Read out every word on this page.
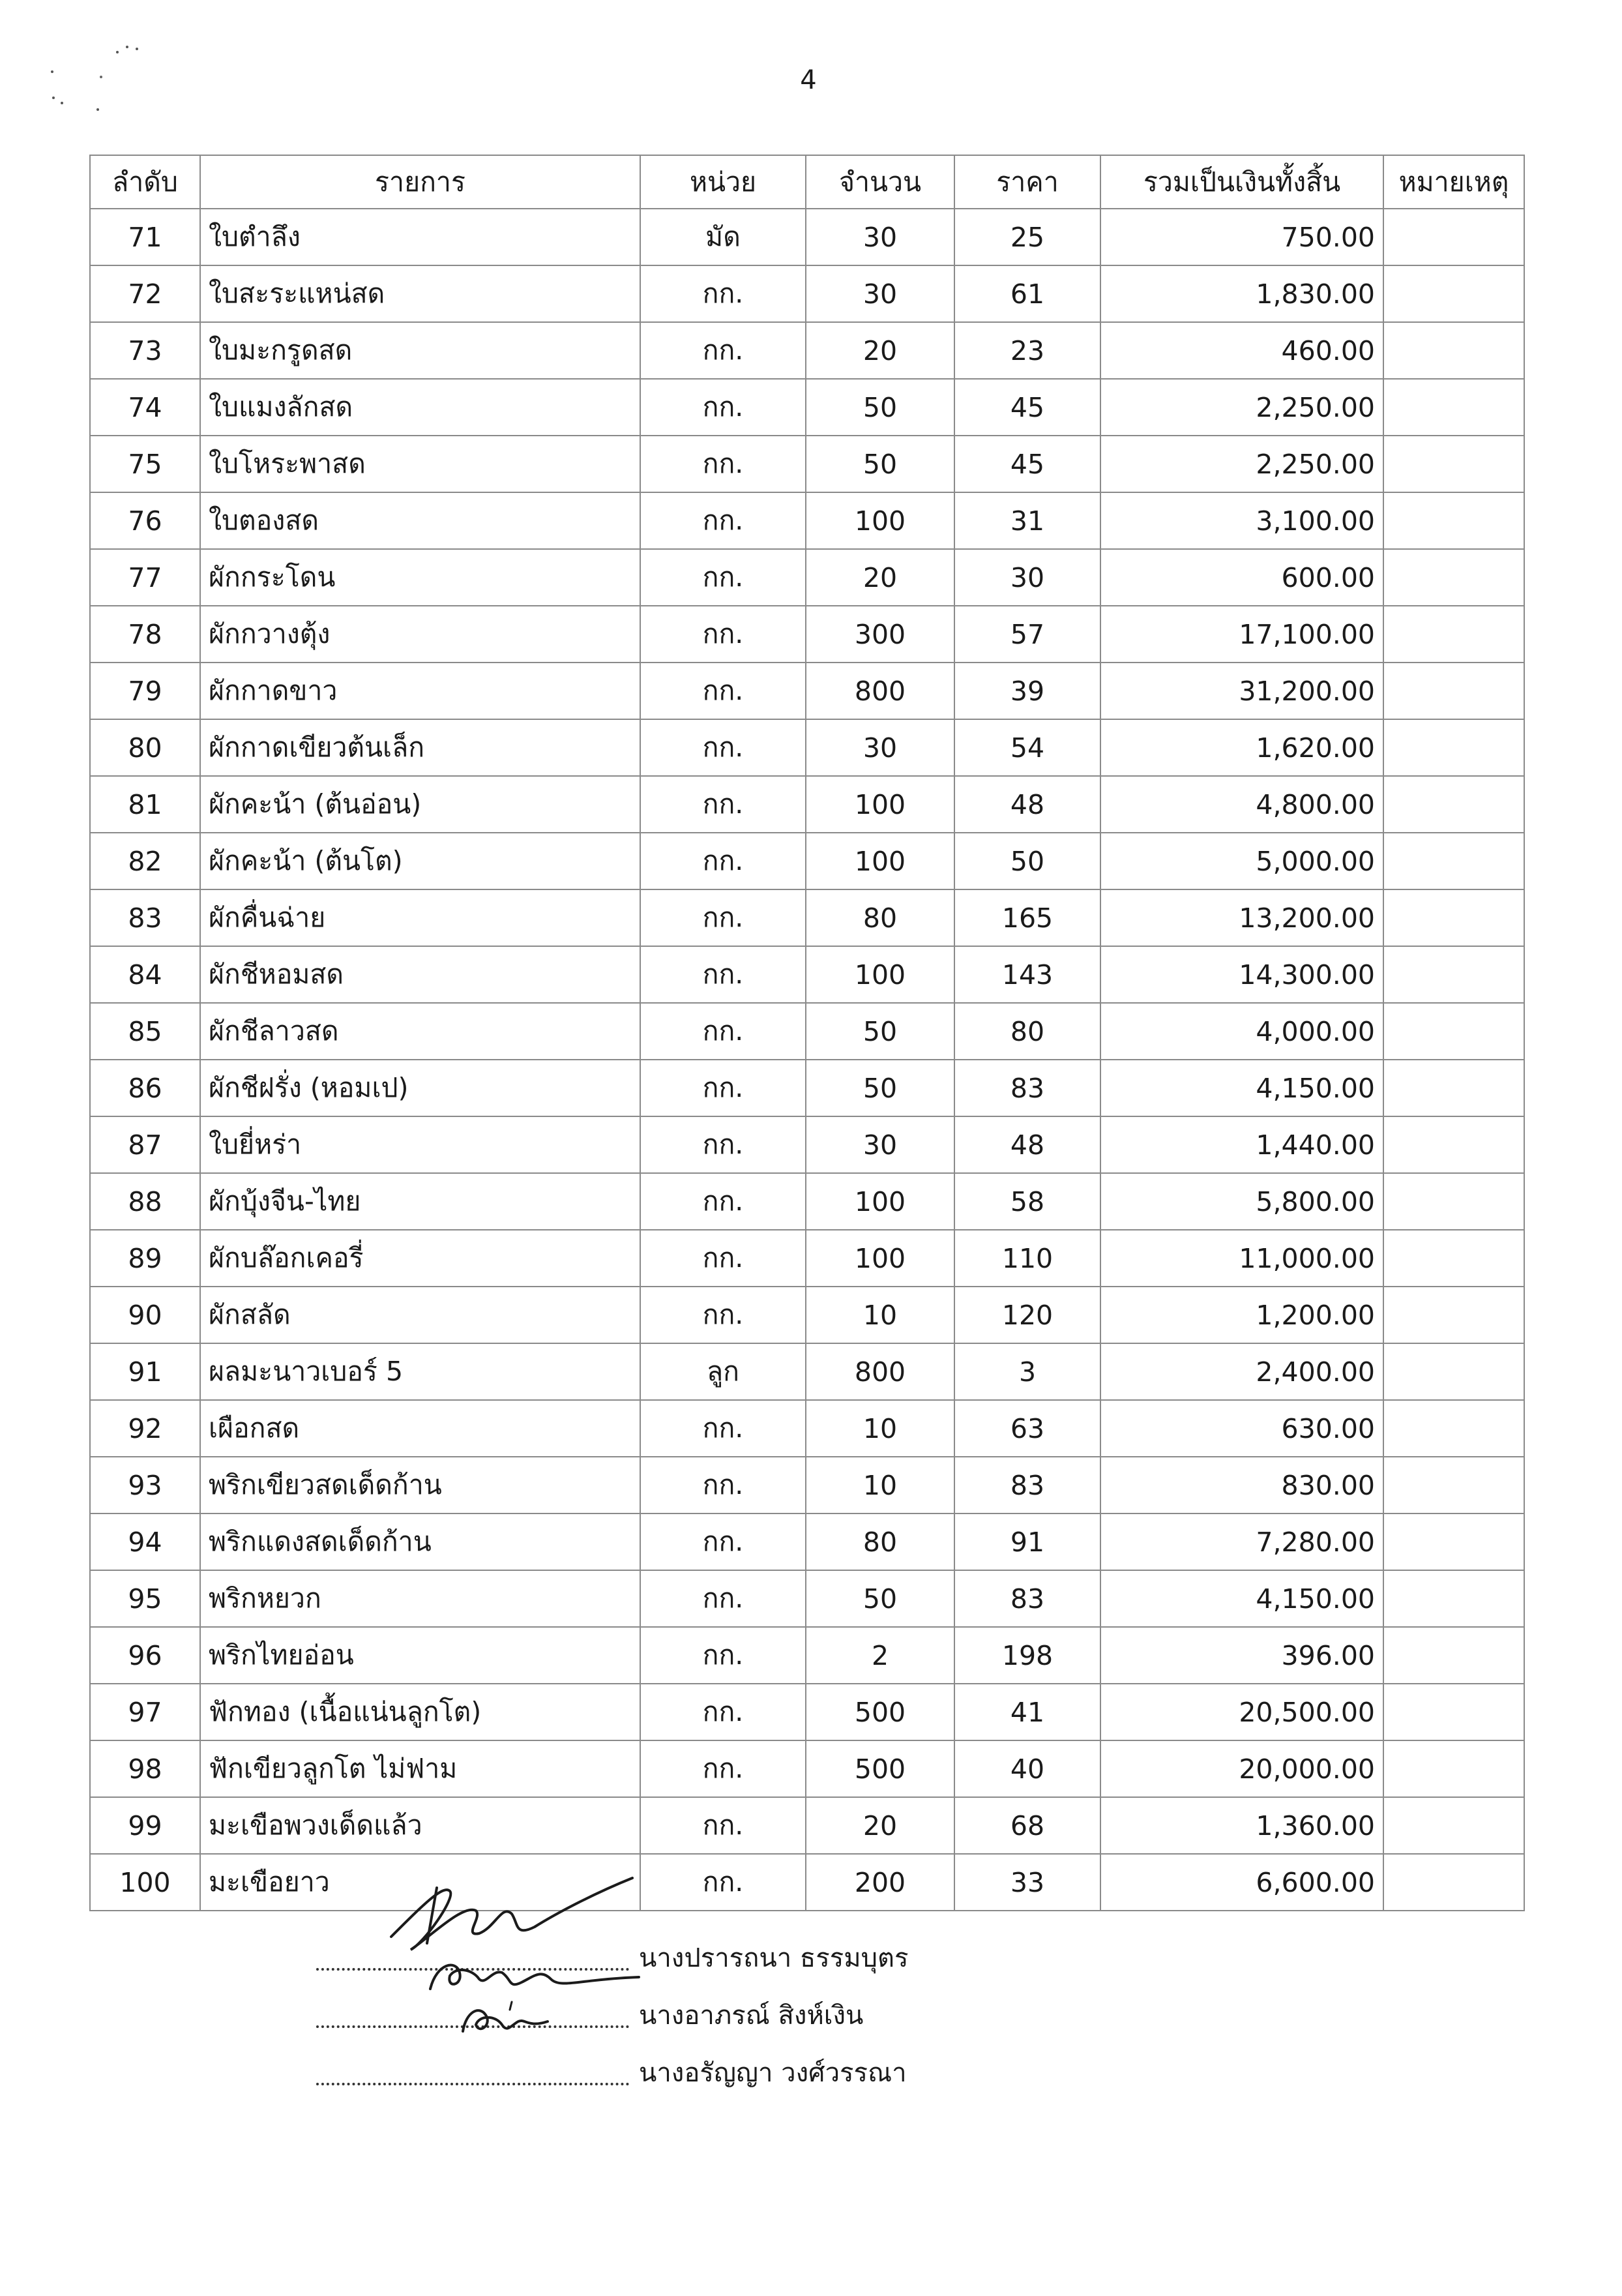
4
ลำดับ	รายการ	หน่วย	จำนวน	ราคา	รวมเป็นเงินทั้งสิ้น	หมายเหตุ
71	ใบตำลึง	มัด	30	25	750.00	
72	ใบสะระแหน่สด	กก.	30	61	1,830.00	
73	ใบมะกรูดสด	กก.	20	23	460.00	
74	ใบแมงลักสด	กก.	50	45	2,250.00	
75	ใบโหระพาสด	กก.	50	45	2,250.00	
76	ใบตองสด	กก.	100	31	3,100.00	
77	ผักกระโดน	กก.	20	30	600.00	
78	ผักกวางตุ้ง	กก.	300	57	17,100.00	
79	ผักกาดขาว	กก.	800	39	31,200.00	
80	ผักกาดเขียวต้นเล็ก	กก.	30	54	1,620.00	
81	ผักคะน้า (ต้นอ่อน)	กก.	100	48	4,800.00	
82	ผักคะน้า (ต้นโต)	กก.	100	50	5,000.00	
83	ผักคื่นฉ่าย	กก.	80	165	13,200.00	
84	ผักชีหอมสด	กก.	100	143	14,300.00	
85	ผักชีลาวสด	กก.	50	80	4,000.00	
86	ผักชีฝรั่ง (หอมเป)	กก.	50	83	4,150.00	
87	ใบยี่หร่า	กก.	30	48	1,440.00	
88	ผักบุ้งจีน-ไทย	กก.	100	58	5,800.00	
89	ผักบล๊อกเคอรี่	กก.	100	110	11,000.00	
90	ผักสลัด	กก.	10	120	1,200.00	
91	ผลมะนาวเบอร์ 5	ลูก	800	3	2,400.00	
92	เผือกสด	กก.	10	63	630.00	
93	พริกเขียวสดเด็ดก้าน	กก.	10	83	830.00	
94	พริกแดงสดเด็ดก้าน	กก.	80	91	7,280.00	
95	พริกหยวก	กก.	50	83	4,150.00	
96	พริกไทยอ่อน	กก.	2	198	396.00	
97	ฟักทอง (เนื้อแน่นลูกโต)	กก.	500	41	20,500.00	
98	ฟักเขียวลูกโต ไม่ฟาม	กก.	500	40	20,000.00	
99	มะเขือพวงเด็ดแล้ว	กก.	20	68	1,360.00	
100	มะเขือยาว	กก.	200	33	6,600.00	
นางปรารถนา ธรรมบุตร
นางอาภรณ์ สิงห์เงิน
นางอรัญญา วงศ์วรรณา
